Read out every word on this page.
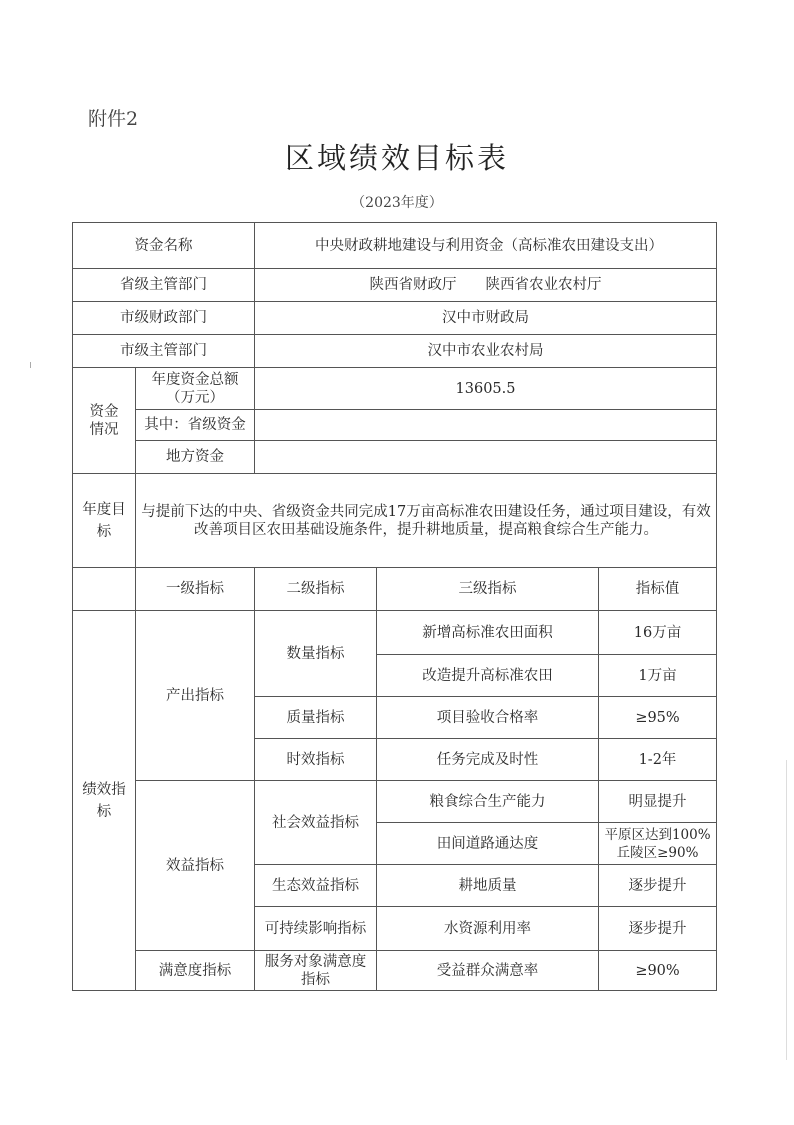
附件2
区域绩效目标表
（2023年度）
资金名称		中央财政耕地建设与利用资金（高标准农田建设支出）		
省级主管部门		陕西省财政厅　　陕西省农业农村厅		
市级财政部门		汉中市财政局		
市级主管部门		汉中市农业农村局		
资金情况	年度资金总额（万元）	13605.5		
	其中：省级资金			
	地方资金			
年度目标	与提前下达的中央、省级资金共同完成17万亩高标准农田建设任务，通过项目建设，有效改善项目区农田基础设施条件，提升耕地质量，提高粮食综合生产能力。			
	一级指标	二级指标	三级指标	指标值
绩效指标	产出指标	数量指标	新增高标准农田面积	16万亩
			改造提升高标准农田	1万亩
		质量指标	项目验收合格率	≥95%
		时效指标	任务完成及时性	1-2年
	效益指标	社会效益指标	粮食综合生产能力	明显提升
			田间道路通达度	平原区达到100%丘陵区≥90%
		生态效益指标	耕地质量	逐步提升
		可持续影响指标	水资源利用率	逐步提升
	满意度指标	服务对象满意度指标	受益群众满意率	≥90%
